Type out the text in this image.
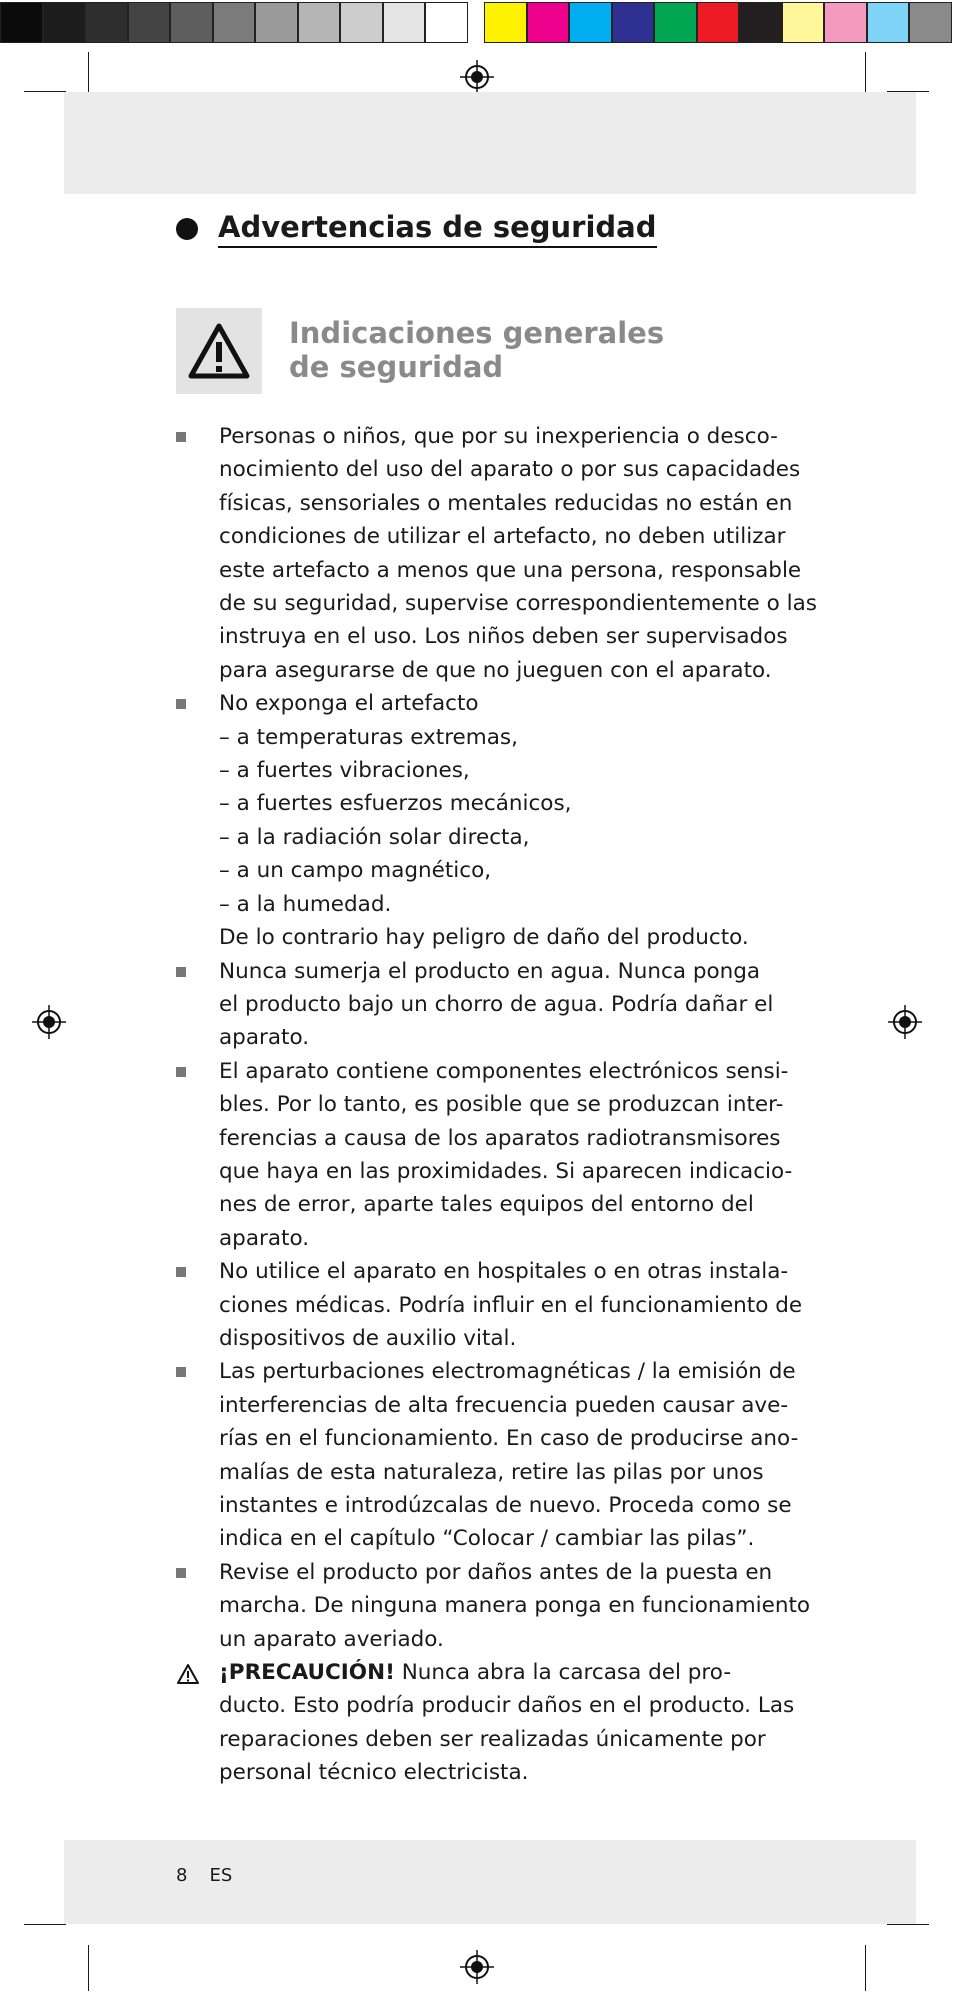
Advertencias de seguridad
Indicaciones generales
de seguridad
Personas o niños, que por su inexperiencia o desco-
nocimiento del uso del aparato o por sus capacidades
físicas, sensoriales o mentales reducidas no están en
condiciones de utilizar el artefacto, no deben utilizar
este artefacto a menos que una persona, responsable
de su seguridad, supervise correspondientemente o las
instruya en el uso. Los niños deben ser supervisados
para asegurarse de que no jueguen con el aparato.
No exponga el artefacto
– a temperaturas extremas,
– a fuertes vibraciones,
– a fuertes esfuerzos mecánicos,
– a la radiación solar directa,
– a un campo magnético,
– a la humedad.
De lo contrario hay peligro de daño del producto.
Nunca sumerja el producto en agua. Nunca ponga
el producto bajo un chorro de agua. Podría dañar el
aparato.
El aparato contiene componentes electrónicos sensi-
bles. Por lo tanto, es posible que se produzcan inter-
ferencias a causa de los aparatos radiotransmisores
que haya en las proximidades. Si aparecen indicacio-
nes de error, aparte tales equipos del entorno del
aparato.
No utilice el aparato en hospitales o en otras instala-
ciones médicas. Podría influir en el funcionamiento de
dispositivos de auxilio vital.
Las perturbaciones electromagnéticas / la emisión de
interferencias de alta frecuencia pueden causar ave-
rías en el funcionamiento. En caso de producirse ano-
malías de esta naturaleza, retire las pilas por unos
instantes e introdúzcalas de nuevo. Proceda como se
indica en el capítulo “Colocar / cambiar las pilas”.
Revise el producto por daños antes de la puesta en
marcha. De ninguna manera ponga en funcionamiento
un aparato averiado.
¡PRECAUCIÓN! Nunca abra la carcasa del pro-
ducto. Esto podría producir daños en el producto. Las
reparaciones deben ser realizadas únicamente por
personal técnico electricista.
8 ES
